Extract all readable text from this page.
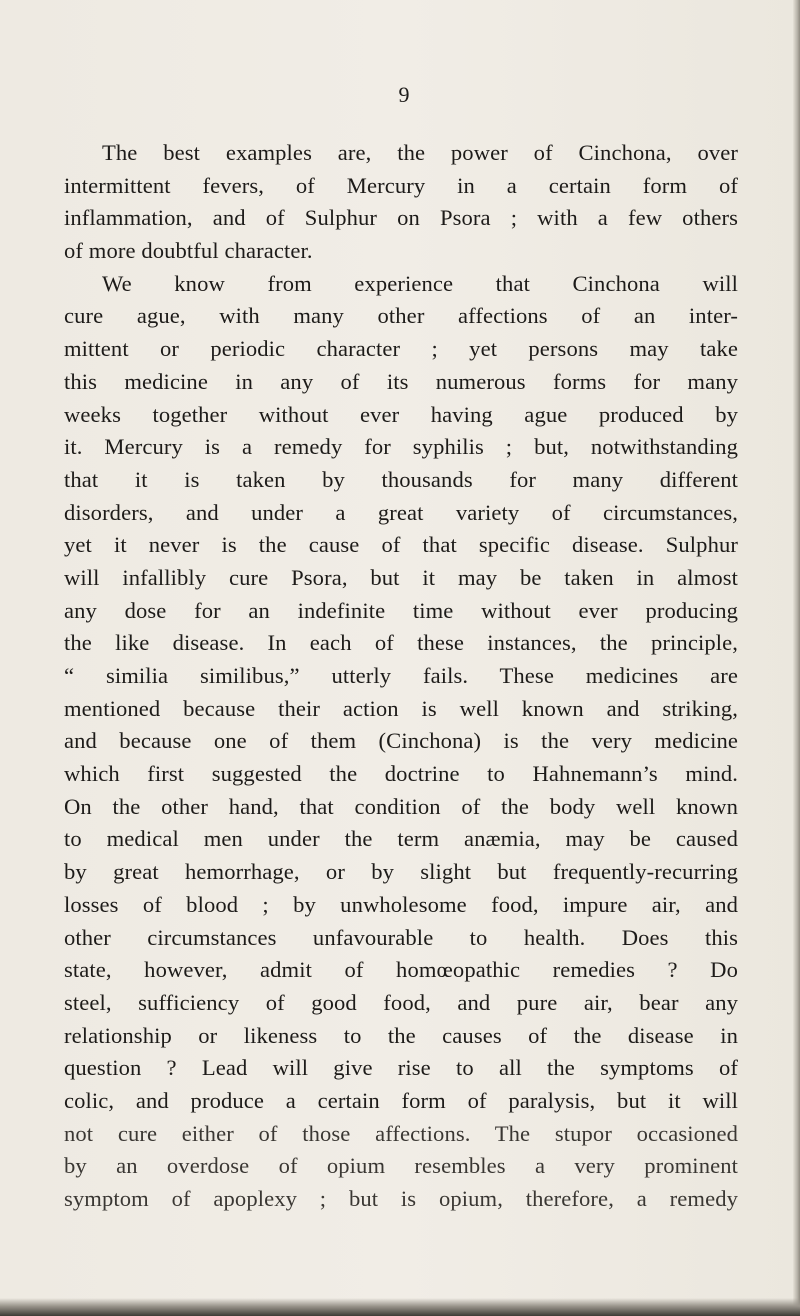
9

The best examples are, the power of Cinchona, over
intermittent fevers, of Mercury in a certain form of
inflammation, and of Sulphur on Psora ; with a few others
of more doubtful character.
We know from experience that Cinchona will
cure ague, with many other affections of an inter-
mittent or periodic character ; yet persons may take
this medicine in any of its numerous forms for many
weeks together without ever having ague produced by
it. Mercury is a remedy for syphilis ; but, notwithstanding
that it is taken by thousands for many different
disorders, and under a great variety of circumstances,
yet it never is the cause of that specific disease. Sulphur
will infallibly cure Psora, but it may be taken in almost
any dose for an indefinite time without ever producing
the like disease. In each of these instances, the principle,
“ similia similibus,” utterly fails. These medicines are
mentioned because their action is well known and striking,
and because one of them (Cinchona) is the very medicine
which first suggested the doctrine to Hahnemann’s mind.
On the other hand, that condition of the body well known
to medical men under the term anæmia, may be caused
by great hemorrhage, or by slight but frequently-recurring
losses of blood ; by unwholesome food, impure air, and
other circumstances unfavourable to health. Does this
state, however, admit of homœopathic remedies ? Do
steel, sufficiency of good food, and pure air, bear any
relationship or likeness to the causes of the disease in
question ? Lead will give rise to all the symptoms of
colic, and produce a certain form of paralysis, but it will
not cure either of those affections. The stupor occasioned
by an overdose of opium resembles a very prominent
symptom of apoplexy ; but is opium, therefore, a remedy
